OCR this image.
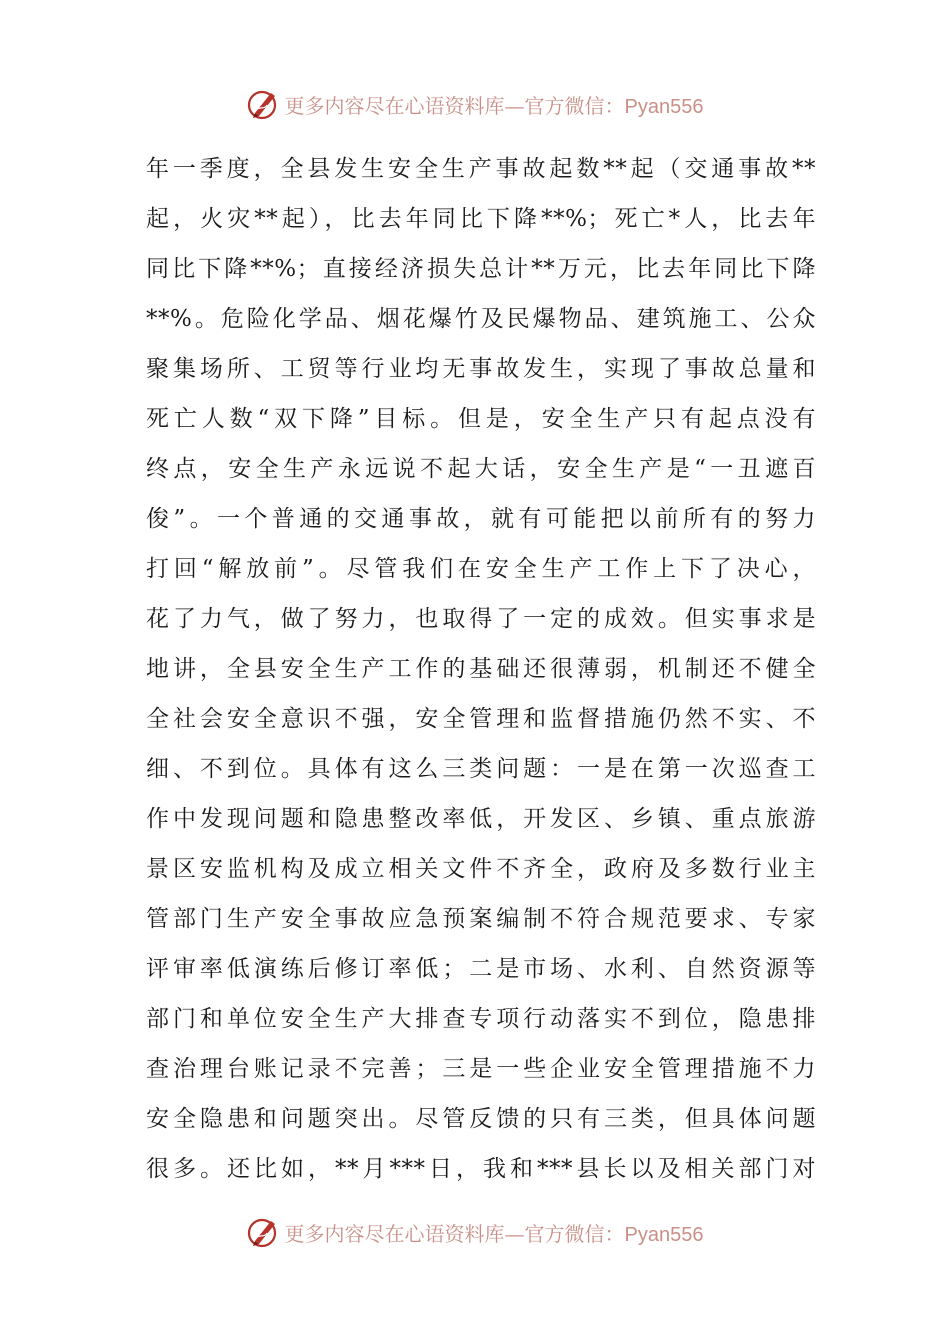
更多内容尽在心语资料库—官方微信：Pyan556
年一季度，全县发生安全生产事故起数**起（交通事故**
起，火灾**起），比去年同比下降**%；死亡*人，比去年
同比下降**%；直接经济损失总计**万元，比去年同比下降
**%。危险化学品、烟花爆竹及民爆物品、建筑施工、公众
聚集场所、工贸等行业均无事故发生，实现了事故总量和
死亡人数“双下降”目标。但是，安全生产只有起点没有
终点，安全生产永远说不起大话，安全生产是“一丑遮百
俊”。一个普通的交通事故，就有可能把以前所有的努力
打回“解放前”。尽管我们在安全生产工作上下了决心，
花了力气，做了努力，也取得了一定的成效。但实事求是
地讲，全县安全生产工作的基础还很薄弱，机制还不健全
全社会安全意识不强，安全管理和监督措施仍然不实、不
细、不到位。具体有这么三类问题：一是在第一次巡查工
作中发现问题和隐患整改率低，开发区、乡镇、重点旅游
景区安监机构及成立相关文件不齐全，政府及多数行业主
管部门生产安全事故应急预案编制不符合规范要求、专家
评审率低演练后修订率低；二是市场、水利、自然资源等
部门和单位安全生产大排查专项行动落实不到位，隐患排
查治理台账记录不完善；三是一些企业安全管理措施不力
安全隐患和问题突出。尽管反馈的只有三类，但具体问题
很多。还比如，**月***日，我和***县长以及相关部门对
更多内容尽在心语资料库—官方微信：Pyan556
